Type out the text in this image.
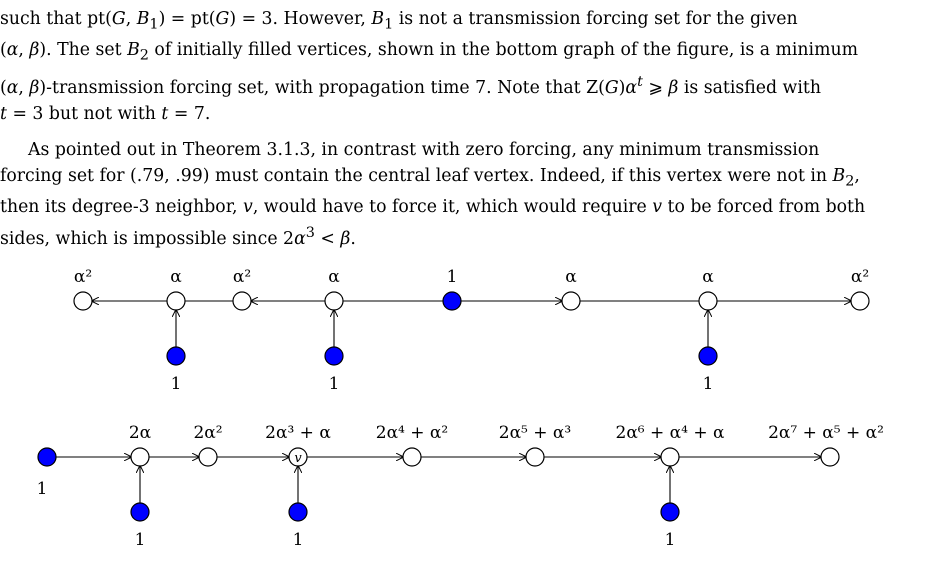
such that pt(G, $B_1) = pt(G) = 3$. However, $B_1$ is not a transmission forcing set for the given
(α, β). The set $B_2$ of initially filled vertices, shown in the bottom graph of the figure, is a minimum
(α, β)-transmission forcing set, with propagation time 7. Note that $Z(G)\alpha^t$ ⩾ β is satisfied with
t = 3 but not with t = 7.
As pointed out in Theorem 3.1.3, in contrast with zero forcing, any minimum transmission
forcing set for (.79, .99) must contain the central leaf vertex. Indeed, if this vertex were not in $B_2$,
then its degree-3 neighbor, v, would have to force it, which would require v to be forced from both
sides, which is impossible since $2\alpha^3 < \beta$.
α²	α	α²	α	1	α	α	α²
1	1	1
v
1
2α 2α²	2α³ + α	2α⁴ + α²	2α⁵ + α³	2α⁶ + α⁴ + α	2α⁷ + α⁵ + α²
1	1	1
